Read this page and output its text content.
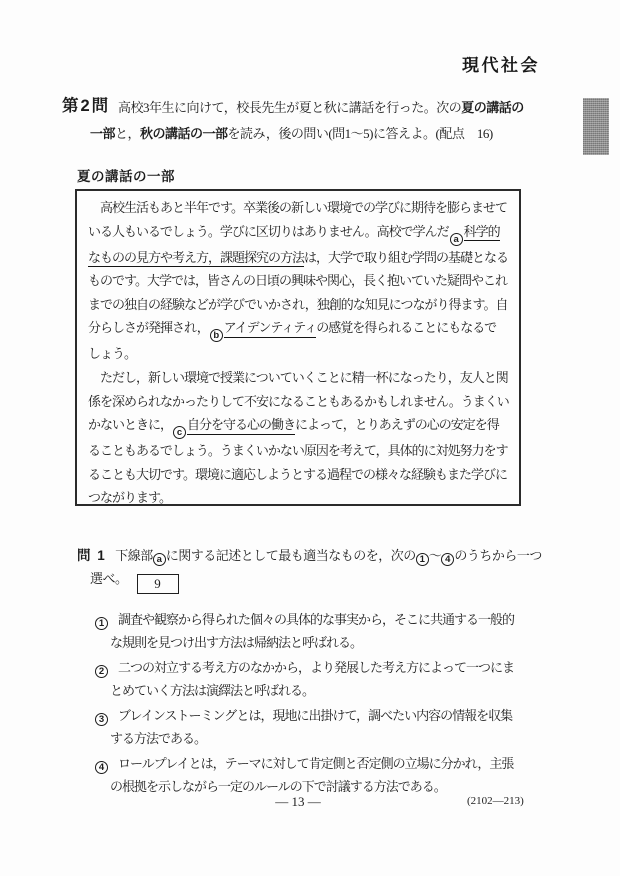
現代社会
第2問 高校3年生に向けて，校長先生が夏と秋に講話を行った。次の夏の講話の
一部と，秋の講話の一部を読み，後の問い(問1～5)に答えよ。(配点　16)
夏の講話の一部
　高校生活もあと半年です。卒業後の新しい環境での学びに期待を膨らませて
いる人もいるでしょう。学びに区切りはありません。高校で学んだa科学的
なものの見方や考え方，課題探究の方法は，大学で取り組む学問の基礎となる
ものです。大学では，皆さんの日頃の興味や関心，長く抱いていた疑問やこれ
までの独自の経験などが学びでいかされ，独創的な知見につながり得ます。自
分らしさが発揮され，bアイデンティティの感覚を得られることにもなるで
しょう。
　ただし，新しい環境で授業についていくことに精一杯になったり，友人と関
係を深められなかったりして不安になることもあるかもしれません。うまくい
かないときに，c自分を守る心の働きによって，とりあえずの心の安定を得
ることもあるでしょう。うまくいかない原因を考えて，具体的に対処努力をす
ることも大切です。環境に適応しようとする過程での様々な経験もまた学びに
つながります。
問 1 下線部 a に関する記述として最も適当なものを，次の 1 ～ 4 のうちから一つ
選べ。 9
1 調査や観察から得られた個々の具体的な事実から，そこに共通する一般的
な規則を見つけ出す方法は帰納法と呼ばれる。
2 二つの対立する考え方のなかから，より発展した考え方によって一つにま
とめていく方法は演繹法と呼ばれる。
3 ブレインストーミングとは，現地に出掛けて，調べたい内容の情報を収集
する方法である。
4 ロールプレイとは，テーマに対して肯定側と否定側の立場に分かれ，主張
の根拠を示しながら一定のルールの下で討議する方法である。
— 13 —	(2102—213)
